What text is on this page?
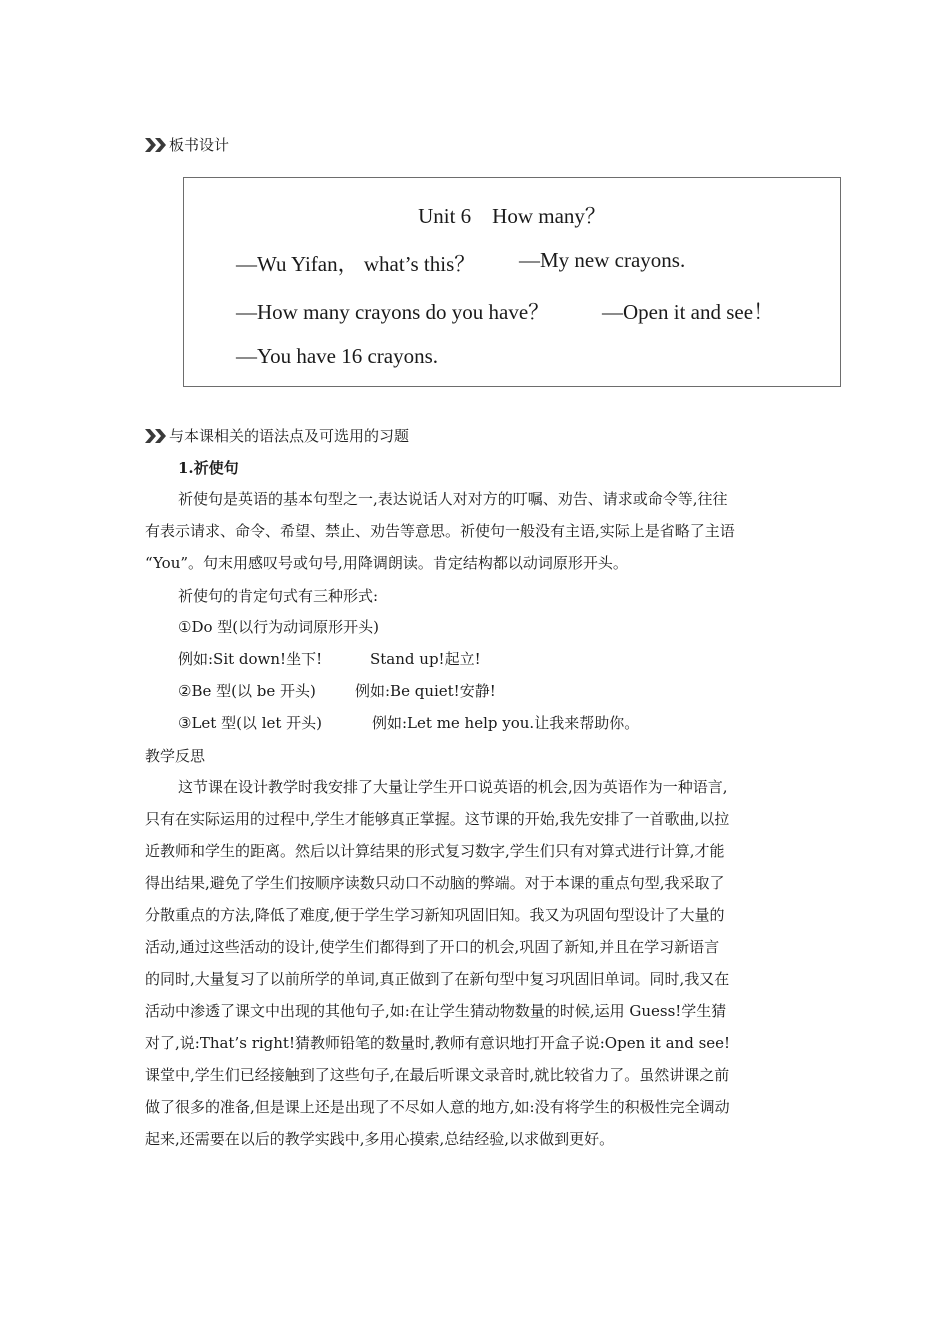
板书设计
Unit 6    How many？
—Wu Yifan， what’s this？ —My new crayons.
—How many crayons do you have？	—Open it and see！
—You have 16 crayons.
与本课相关的语法点及可选用的习题
1.祈使句
祈使句是英语的基本句型之一,表达说话人对对方的叮嘱、劝告、请求或命令等,往往
有表示请求、命令、希望、禁止、劝告等意思。祈使句一般没有主语,实际上是省略了主语
“You”。句末用感叹号或句号,用降调朗读。肯定结构都以动词原形开头。
祈使句的肯定句式有三种形式:
①Do 型(以行为动词原形开头)
例如:Sit down!坐下!	Stand up!起立!
②Be 型(以 be 开头)	例如:Be quiet!安静!
③Let 型(以 let 开头)	例如:Let me help you.让我来帮助你。
教学反思
这节课在设计教学时我安排了大量让学生开口说英语的机会,因为英语作为一种语言,
只有在实际运用的过程中,学生才能够真正掌握。这节课的开始,我先安排了一首歌曲,以拉
近教师和学生的距离。然后以计算结果的形式复习数字,学生们只有对算式进行计算,才能
得出结果,避免了学生们按顺序读数只动口不动脑的弊端。对于本课的重点句型,我采取了
分散重点的方法,降低了难度,便于学生学习新知巩固旧知。我又为巩固句型设计了大量的
活动,通过这些活动的设计,使学生们都得到了开口的机会,巩固了新知,并且在学习新语言
的同时,大量复习了以前所学的单词,真正做到了在新句型中复习巩固旧单词。同时,我又在
活动中渗透了课文中出现的其他句子,如:在让学生猜动物数量的时候,运用 Guess!学生猜
对了,说:That’s right!猜教师铅笔的数量时,教师有意识地打开盒子说:Open it and see!
课堂中,学生们已经接触到了这些句子,在最后听课文录音时,就比较省力了。虽然讲课之前
做了很多的准备,但是课上还是出现了不尽如人意的地方,如:没有将学生的积极性完全调动
起来,还需要在以后的教学实践中,多用心摸索,总结经验,以求做到更好。
